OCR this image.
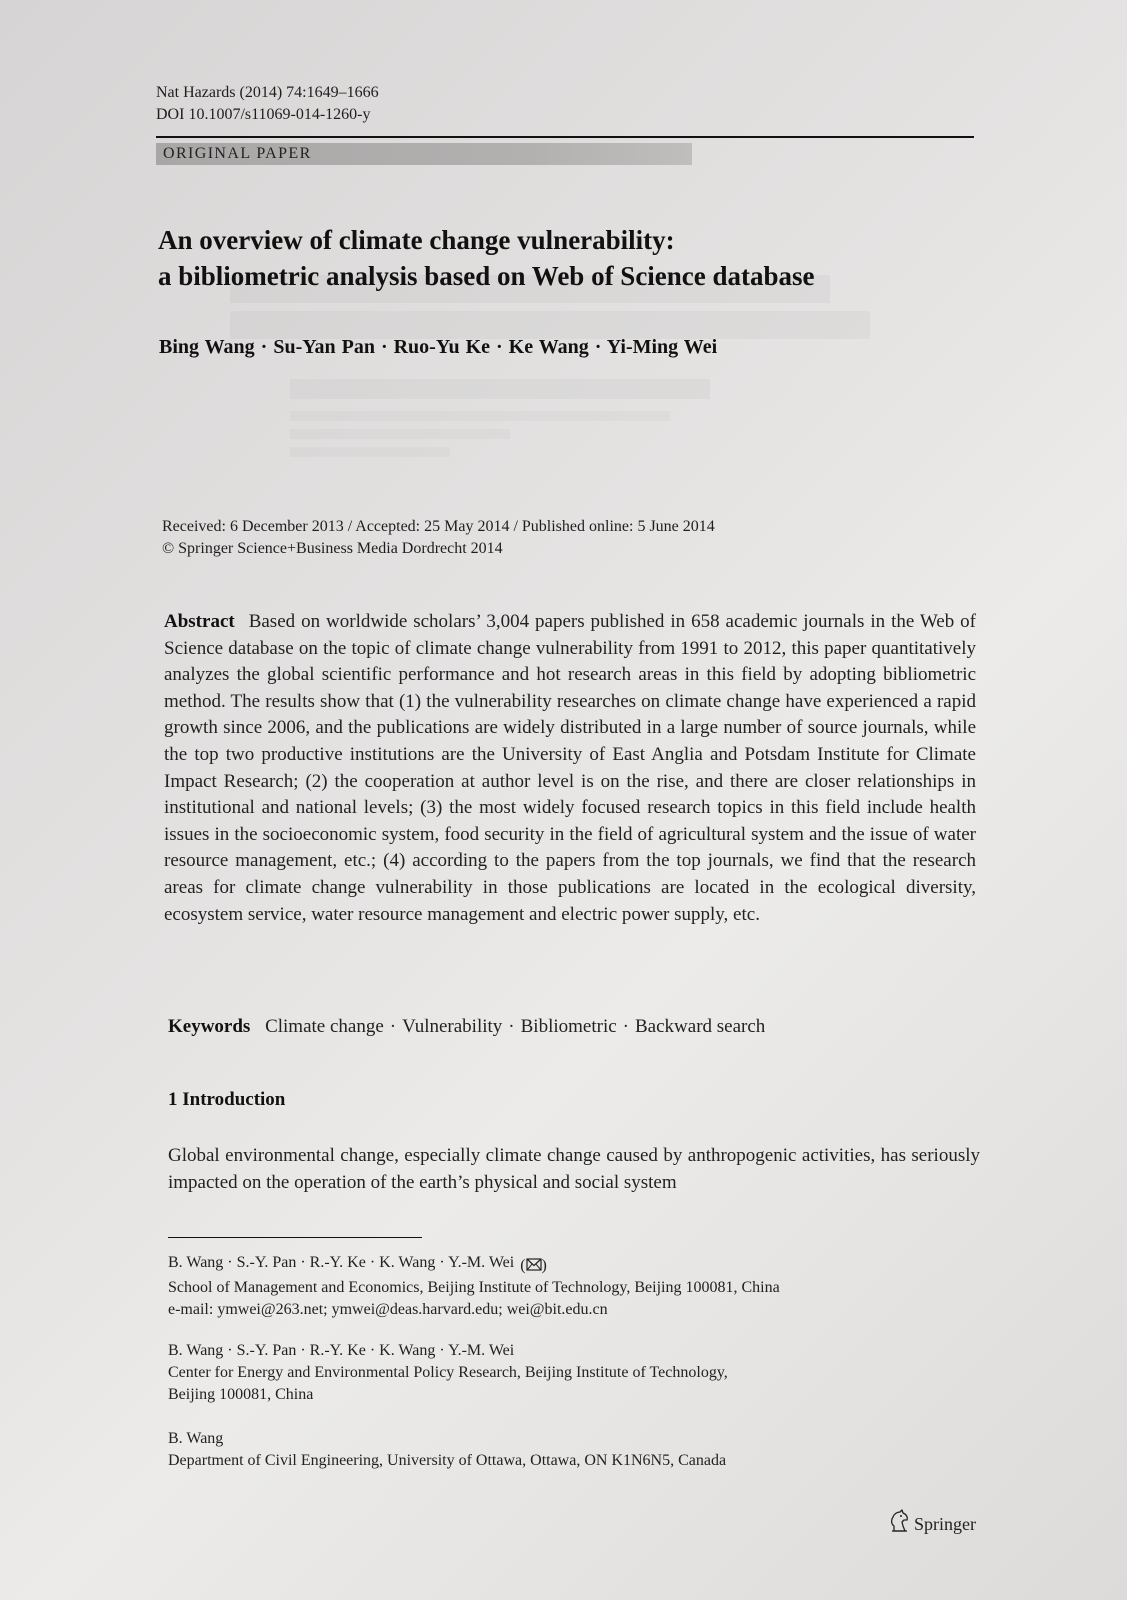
Nat Hazards (2014) 74:1649–1666
DOI 10.1007/s11069-014-1260-y
ORIGINAL PAPER
An overview of climate change vulnerability:
a bibliometric analysis based on Web of Science database
Bing Wang · Su-Yan Pan · Ruo-Yu Ke · Ke Wang · Yi-Ming Wei
Received: 6 December 2013 / Accepted: 25 May 2014 / Published online: 5 June 2014
© Springer Science+Business Media Dordrecht 2014
Abstract Based on worldwide scholars’ 3,004 papers published in 658 academic journals in the Web of Science database on the topic of climate change vulnerability from 1991 to 2012, this paper quantitatively analyzes the global scientific performance and hot research areas in this field by adopting bibliometric method. The results show that (1) the vulnerability researches on climate change have experienced a rapid growth since 2006, and the publications are widely distributed in a large number of source journals, while the top two productive institutions are the University of East Anglia and Potsdam Institute for Climate Impact Research; (2) the cooperation at author level is on the rise, and there are closer relationships in institutional and national levels; (3) the most widely focused research topics in this field include health issues in the socioeconomic system, food security in the field of agricultural system and the issue of water resource management, etc.; (4) according to the papers from the top journals, we find that the research areas for climate change vulnerability in those publications are located in the ecological diversity, ecosystem service, water resource management and electric power supply, etc.
Keywords Climate change · Vulnerability · Bibliometric · Backward search
1 Introduction
Global environmental change, especially climate change caused by anthropogenic activities, has seriously impacted on the operation of the earth’s physical and social system
B. Wang · S.-Y. Pan · R.-Y. Ke · K. Wang · Y.-M. Wei ( )
School of Management and Economics, Beijing Institute of Technology, Beijing 100081, China
e-mail: ymwei@263.net; ymwei@deas.harvard.edu; wei@bit.edu.cn
B. Wang · S.-Y. Pan · R.-Y. Ke · K. Wang · Y.-M. Wei
Center for Energy and Environmental Policy Research, Beijing Institute of Technology,
Beijing 100081, China
B. Wang
Department of Civil Engineering, University of Ottawa, Ottawa, ON K1N6N5, Canada
Springer
